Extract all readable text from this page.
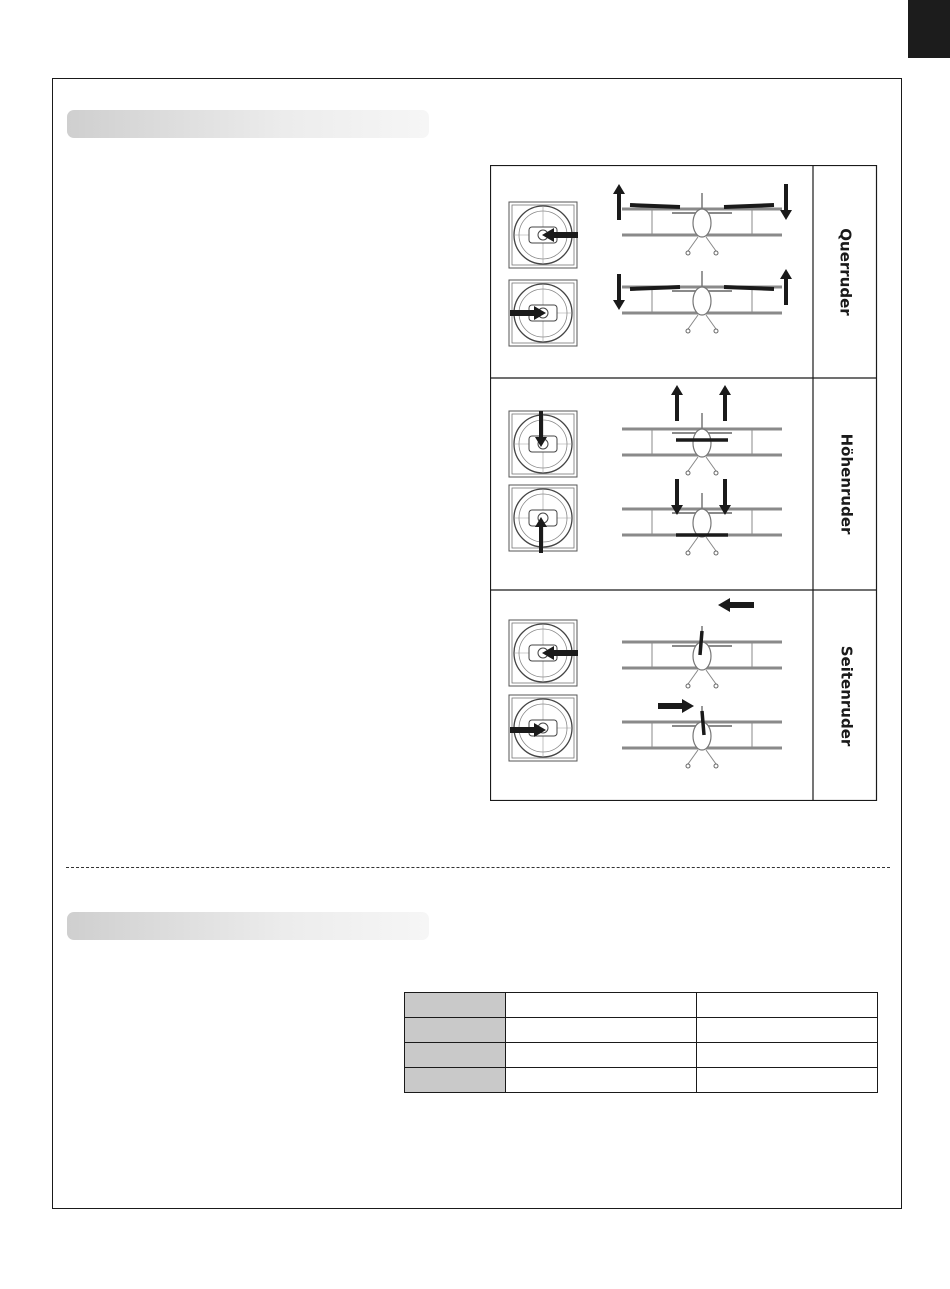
Querruder
Höhenruder
Seitenruder
